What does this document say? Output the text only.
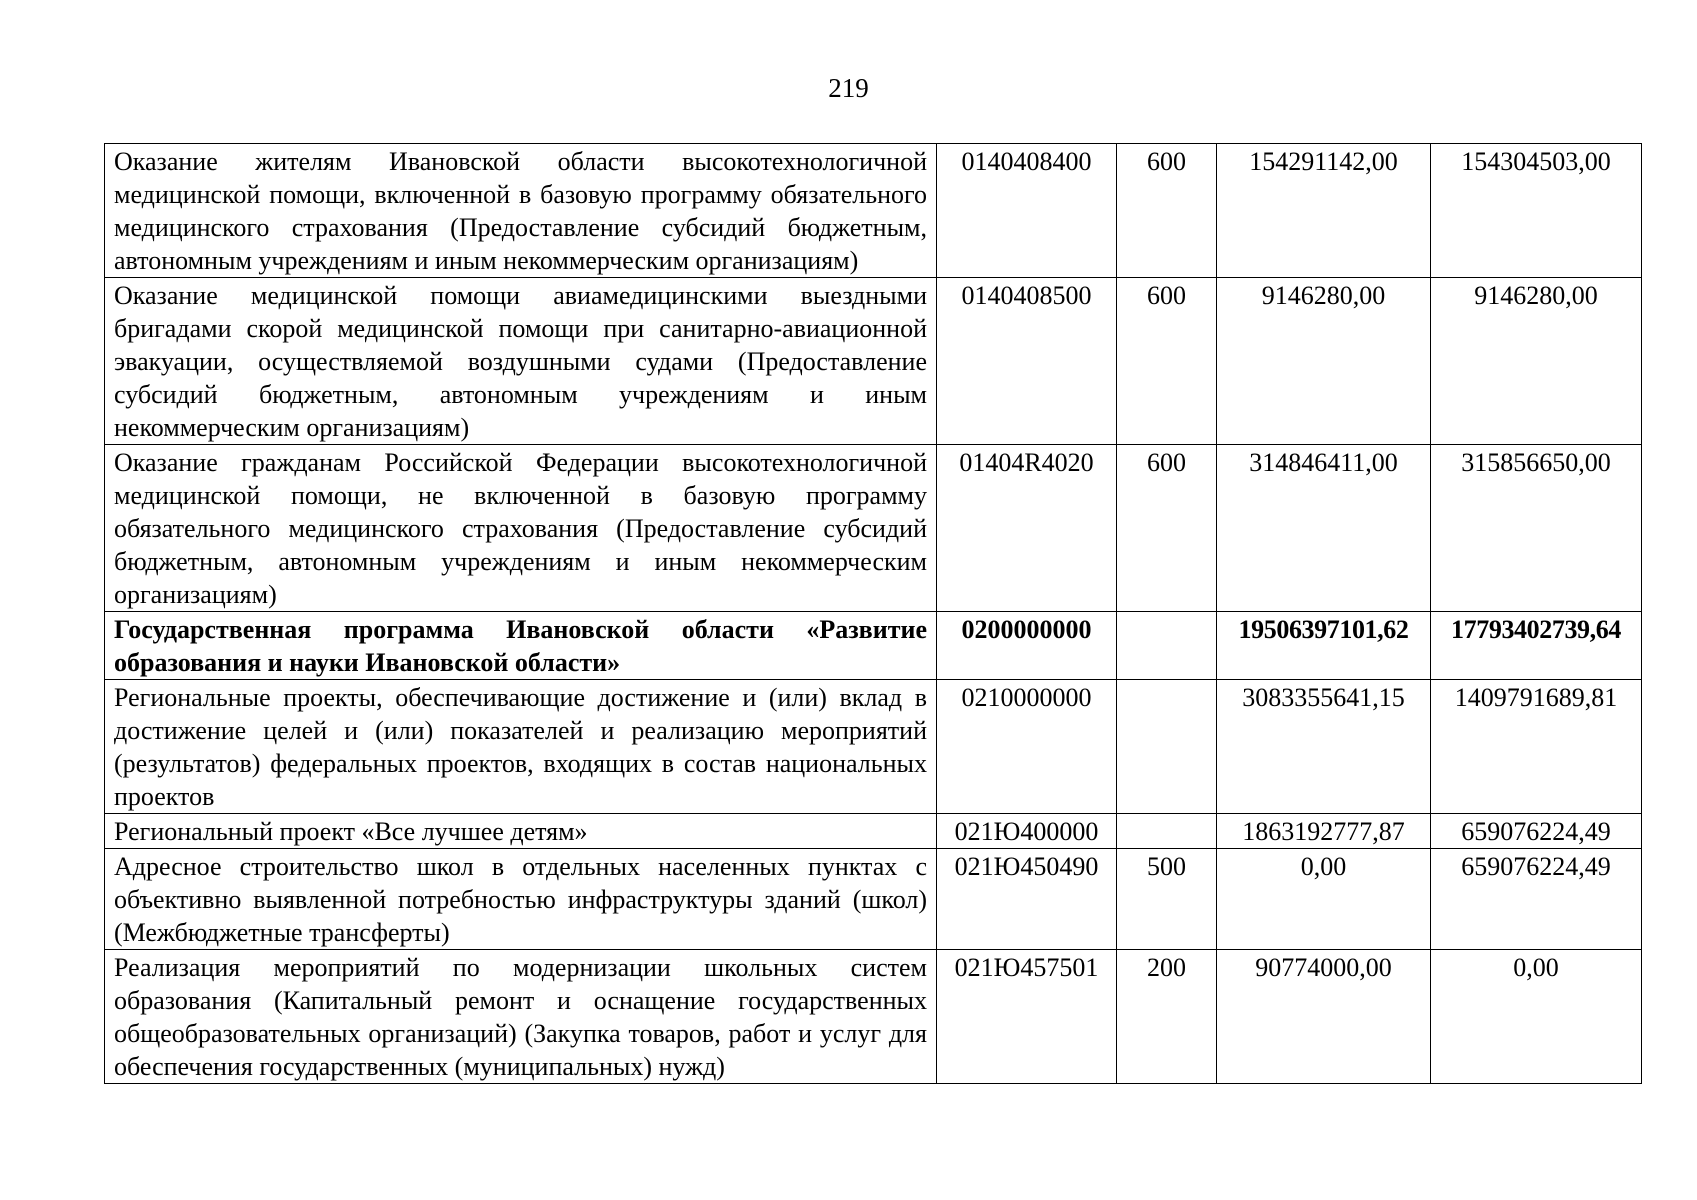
219
Оказание жителям Ивановской области высокотехнологичной медицинской помощи, включенной в базовую программу обязательного медицинского страхования (Предоставление субсидий бюджетным, автономным учреждениям и иным некоммерческим организациям)	0140408400	600	154291142,00	154304503,00
Оказание медицинской помощи авиамедицинскими выездными бригадами скорой медицинской помощи при санитарно-авиационной эвакуации, осуществляемой воздушными судами (Предоставление субсидий бюджетным, автономным учреждениям и иным некоммерческим организациям)	0140408500	600	9146280,00	9146280,00
Оказание гражданам Российской Федерации высокотехнологичной медицинской помощи, не включенной в базовую программу обязательного медицинского страхования (Предоставление субсидий бюджетным, автономным учреждениям и иным некоммерческим организациям)	01404R4020	600	314846411,00	315856650,00
Государственная программа Ивановской области «Развитие образования и науки Ивановской области»	0200000000		19506397101,62	17793402739,64
Региональные проекты, обеспечивающие достижение и (или) вклад в достижение целей и (или) показателей и реализацию мероприятий (результатов) федеральных проектов, входящих в состав национальных проектов	0210000000		3083355641,15	1409791689,81
Региональный проект «Все лучшее детям»	021Ю400000		1863192777,87	659076224,49
Адресное строительство школ в отдельных населенных пунктах с объективно выявленной потребностью инфраструктуры зданий (школ) (Межбюджетные трансферты)	021Ю450490	500	0,00	659076224,49
Реализация мероприятий по модернизации школьных систем образования (Капитальный ремонт и оснащение государственных общеобразовательных организаций) (Закупка товаров, работ и услуг для обеспечения государственных (муниципальных) нужд)	021Ю457501	200	90774000,00	0,00
